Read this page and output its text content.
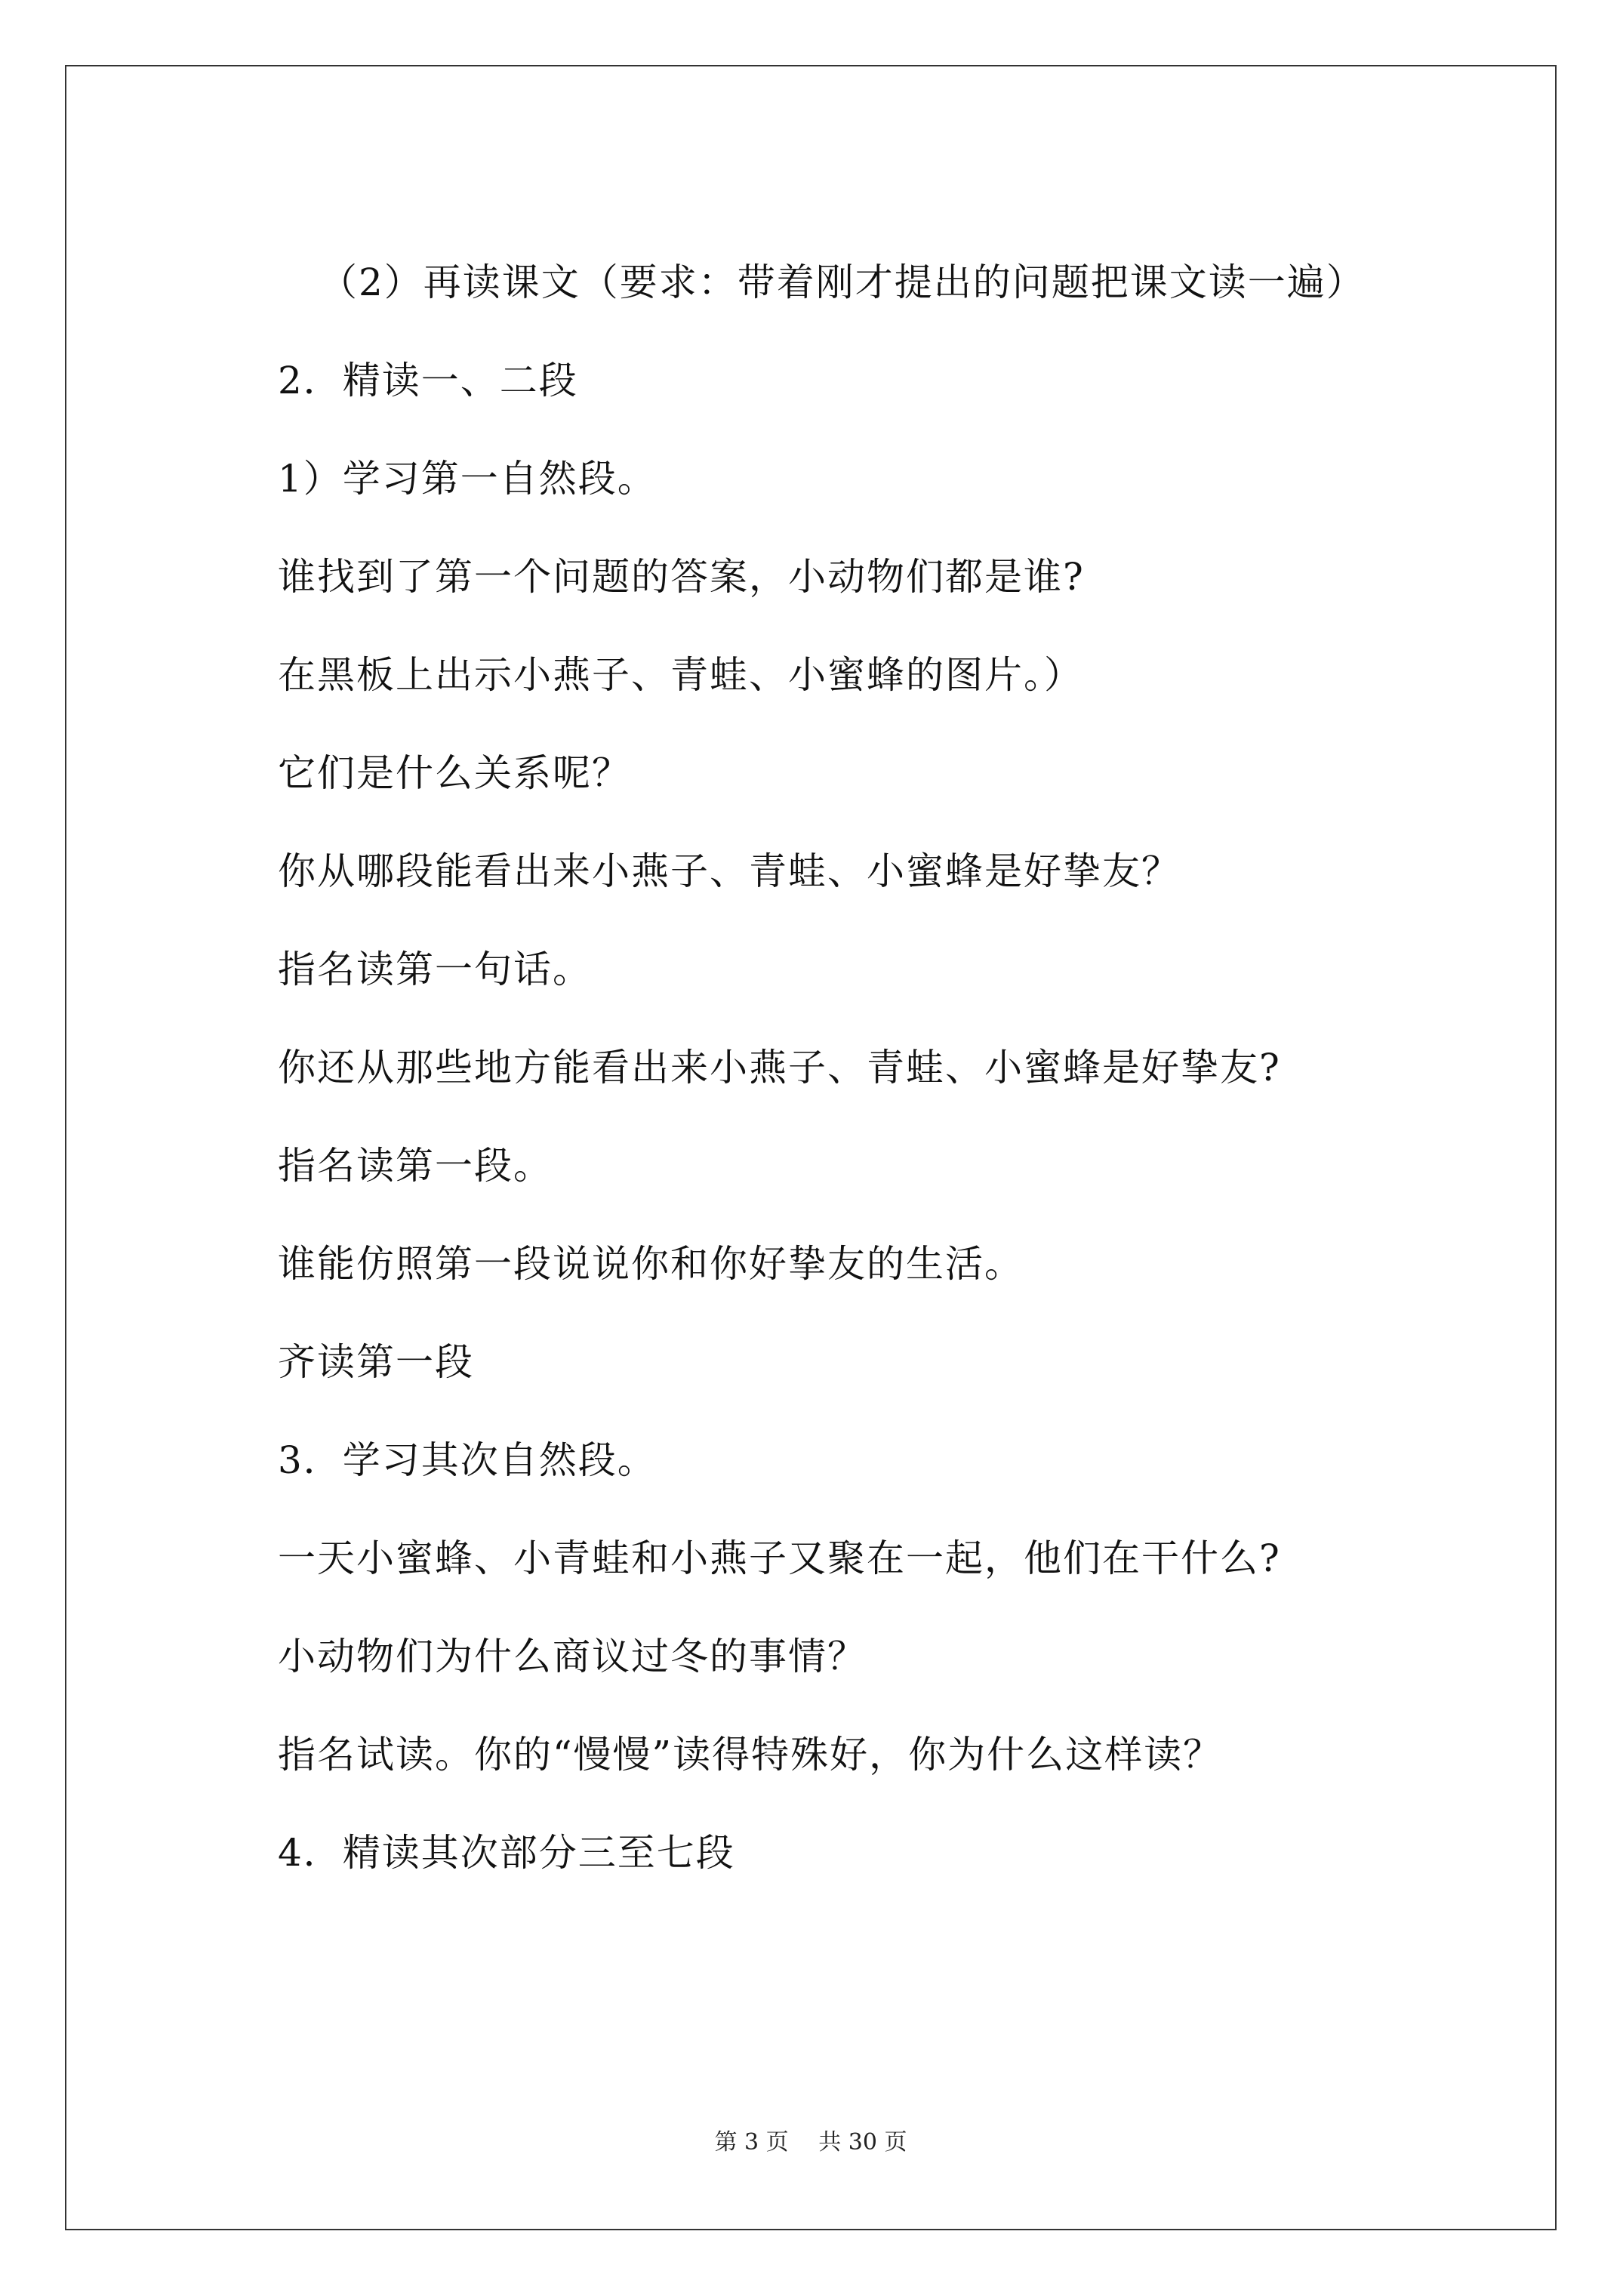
（2）再读课文（要求：带着刚才提出的问题把课文读一遍）
2．精读一、二段
1）学习第一自然段。
谁找到了第一个问题的答案，小动物们都是谁?
在黑板上出示小燕子、青蛙、小蜜蜂的图片。）
它们是什么关系呢？
你从哪段能看出来小燕子、青蛙、小蜜蜂是好挚友？
指名读第一句话。
你还从那些地方能看出来小燕子、青蛙、小蜜蜂是好挚友?
指名读第一段。
谁能仿照第一段说说你和你好挚友的生活。
齐读第一段
3．学习其次自然段。
一天小蜜蜂、小青蛙和小燕子又聚在一起，他们在干什么?
小动物们为什么商议过冬的事情？
指名试读。你的“慢慢”读得特殊好，你为什么这样读？
4．精读其次部分三至七段
第 3 页　 共 30 页
